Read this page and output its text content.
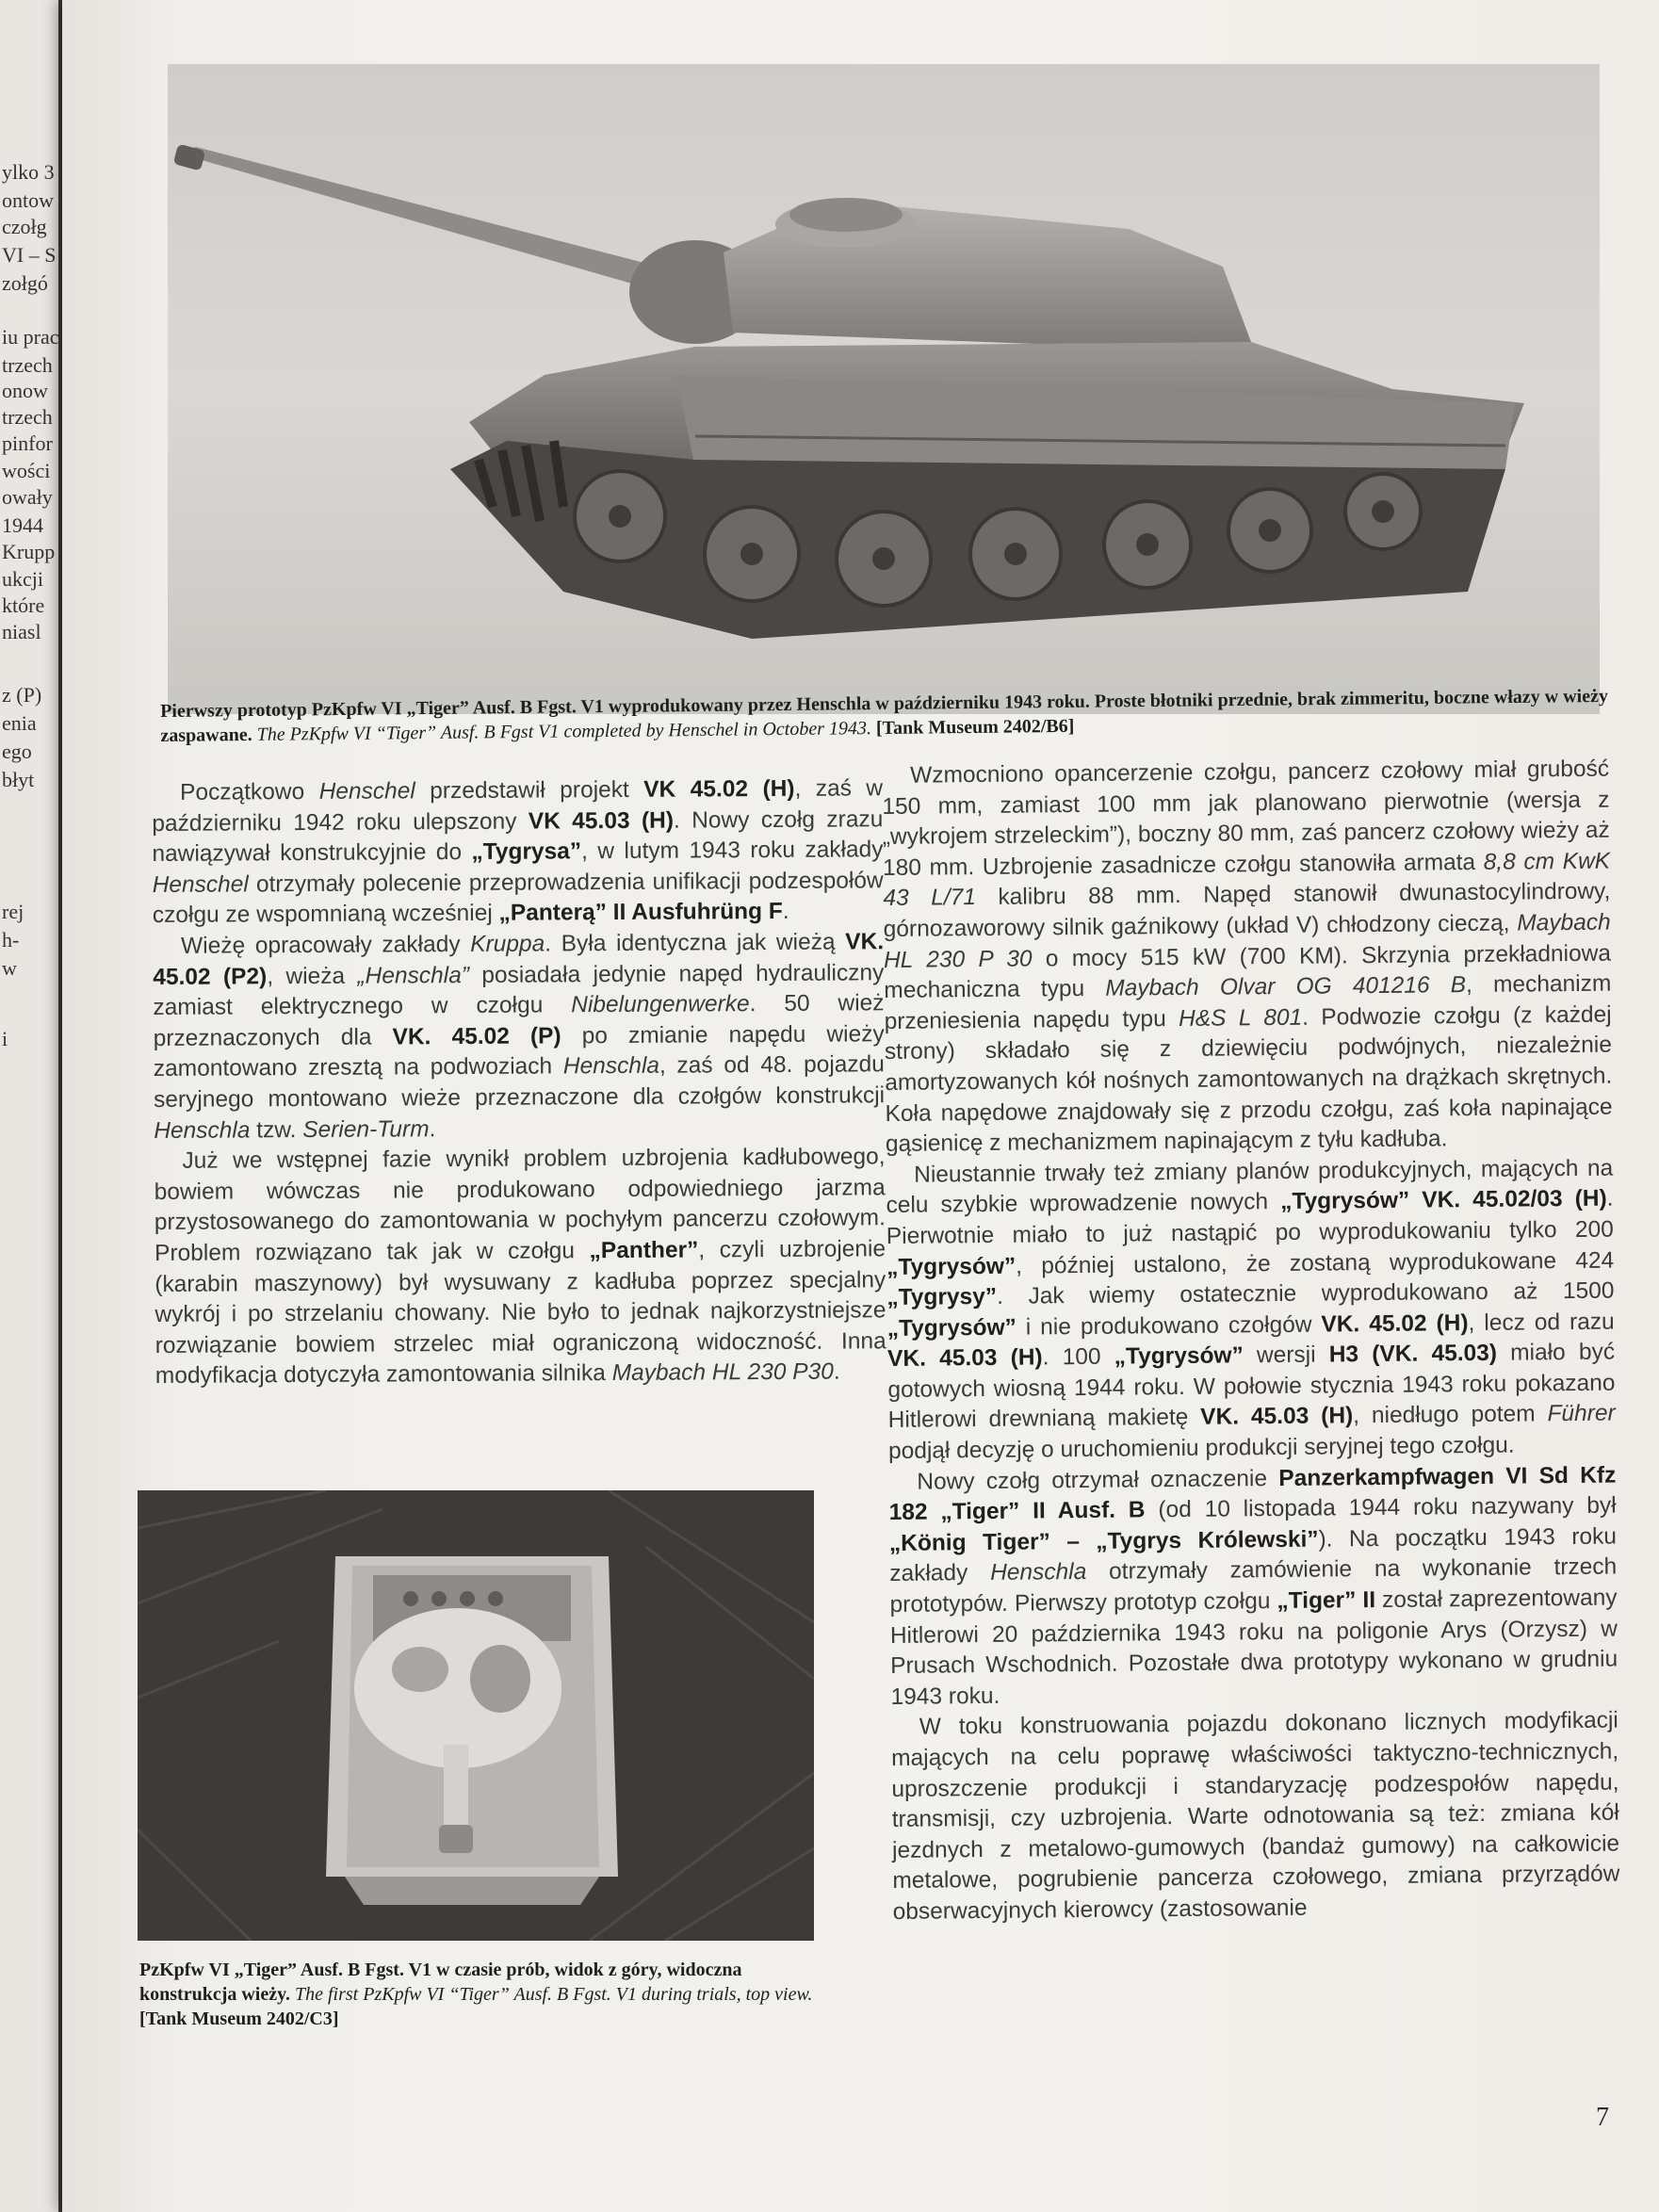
ylko 3
ontow
czołg
VI – S
zołgó
iu prac
trzech
onow
trzech
pinfor
wości
owały
1944
Krupp
ukcji
które
niasl
z (P)
enia
ego
błyt
rej
h-
w
i
Pierwszy prototyp PzKpfw VI „Tiger” Ausf. B Fgst. V1 wyprodukowany przez Henschla w październiku 1943 roku. Proste błotniki przednie, brak zimmeritu, boczne włazy w wieży zaspawane. The PzKpfw VI “Tiger” Ausf. B Fgst V1 completed by Henschel in October 1943. [Tank Museum 2402/B6]

Początkowo Henschel przedstawił projekt VK 45.02 (H), zaś w październiku 1942 roku ulepszony VK 45.03 (H). Nowy czołg zrazu nawiązywał konstrukcyjnie do „Tygrysa”, w lutym 1943 roku zakłady Henschel otrzymały polecenie przeprowadzenia unifikacji podzespołów czołgu ze wspomnianą wcześniej „Panterą” II Ausfuhrüng F.

Wieżę opracowały zakłady Kruppa. Była identyczna jak wieżą VK. 45.02 (P2), wieża „Henschla” posiadała jedynie napęd hydrauliczny zamiast elektrycznego w czołgu Nibelungenwerke. 50 wież przeznaczonych dla VK. 45.02 (P) po zmianie napędu wieży zamontowano zresztą na podwoziach Henschla, zaś od 48. pojazdu seryjnego montowano wieże przeznaczone dla czołgów konstrukcji Henschla tzw. Serien-Turm.

Już we wstępnej fazie wynikł problem uzbrojenia kadłubowego, bowiem wówczas nie produkowano odpowiedniego jarzma przystosowanego do zamontowania w pochyłym pancerzu czołowym. Problem rozwiązano tak jak w czołgu „Panther”, czyli uzbrojenie (karabin maszynowy) był wysuwany z kadłuba poprzez specjalny wykrój i po strzelaniu chowany. Nie było to jednak najkorzystniejsze rozwiązanie bowiem strzelec miał ograniczoną widoczność. Inna modyfikacja dotyczyła zamontowania silnika Maybach HL 230 P30.

PzKpfw VI „Tiger” Ausf. B Fgst. V1 w czasie prób, widok z góry, widoczna konstrukcja wieży. The first PzKpfw VI “Tiger” Ausf. B Fgst. V1 during trials, top view. [Tank Museum 2402/C3]

Wzmocniono opancerzenie czołgu, pancerz czołowy miał grubość 150 mm, zamiast 100 mm jak planowano pierwotnie (wersja z „wykrojem strzeleckim”), boczny 80 mm, zaś pancerz czołowy wieży aż 180 mm. Uzbrojenie zasadnicze czołgu stanowiła armata 8,8 cm KwK 43 L/71 kalibru 88 mm. Napęd stanowił dwunastocylindrowy, górnozaworowy silnik gaźnikowy (układ V) chłodzony cieczą, Maybach HL 230 P 30 o mocy 515 kW (700 KM). Skrzynia przekładniowa mechaniczna typu Maybach Olvar OG 401216 B, mechanizm przeniesienia napędu typu H&S L 801. Podwozie czołgu (z każdej strony) składało się z dziewięciu podwójnych, niezależnie amortyzowanych kół nośnych zamontowanych na drążkach skrętnych. Koła napędowe znajdowały się z przodu czołgu, zaś koła napinające gąsienicę z mechanizmem napinającym z tyłu kadłuba.

Nieustannie trwały też zmiany planów produkcyjnych, mających na celu szybkie wprowadzenie nowych „Tygrysów” VK. 45.02/03 (H). Pierwotnie miało to już nastąpić po wyprodukowaniu tylko 200 „Tygrysów”, później ustalono, że zostaną wyprodukowane 424 „Tygrysy”. Jak wiemy ostatecznie wyprodukowano aż 1500 „Tygrysów” i nie produkowano czołgów VK. 45.02 (H), lecz od razu VK. 45.03 (H). 100 „Tygrysów” wersji H3 (VK. 45.03) miało być gotowych wiosną 1944 roku. W połowie stycznia 1943 roku pokazano Hitlerowi drewnianą makietę VK. 45.03 (H), niedługo potem Führer podjął decyzję o uruchomieniu produkcji seryjnej tego czołgu.

Nowy czołg otrzymał oznaczenie Panzerkampfwagen VI Sd Kfz 182 „Tiger” II Ausf. B (od 10 listopada 1944 roku nazywany był „König Tiger” – „Tygrys Królewski”). Na początku 1943 roku zakłady Henschla otrzymały zamówienie na wykonanie trzech prototypów. Pierwszy prototyp czołgu „Tiger” II został zaprezentowany Hitlerowi 20 października 1943 roku na poligonie Arys (Orzysz) w Prusach Wschodnich. Pozostałe dwa prototypy wykonano w grudniu 1943 roku.

W toku konstruowania pojazdu dokonano licznych modyfikacji mających na celu poprawę właściwości taktyczno-technicznych, uproszczenie produkcji i standaryzację podzespołów napędu, transmisji, czy uzbrojenia. Warte odnotowania są też: zmiana kół jezdnych z metalowo-gumowych (bandaż gumowy) na całkowicie metalowe, pogrubienie pancerza czołowego, zmiana przyrządów obserwacyjnych kierowcy (zastosowanie

7
